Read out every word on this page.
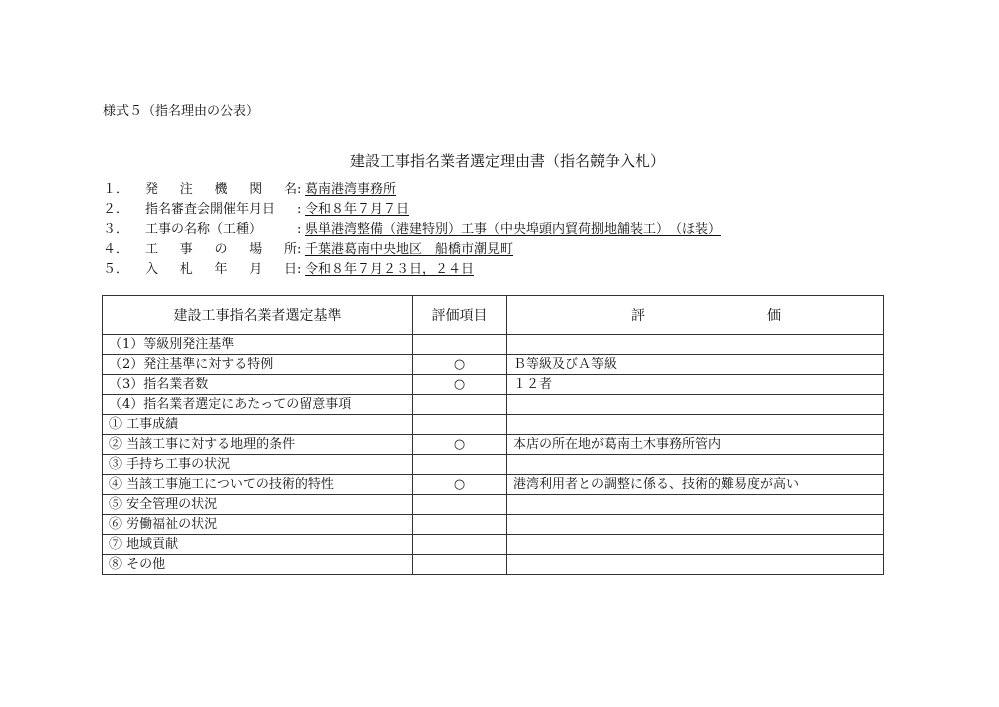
様式５（指名理由の公表）
建設工事指名業者選定理由書（指名競争入札）
１．	発 注 機 関 名 : 葛南港湾事務所
２．	指名審査会開催年月日	: 令和８年７月７日
３．	工事の名称（工種）	: 県単港湾整備（港建特別）工事（中央埠頭内貿荷捌地舗装工）　（ほ装）
４．	工 事 の 場 所 : 千葉港葛南中央地区　船橋市潮見町
５．	入 札 年 月 日 : 令和８年７月２３日，２４日
建設工事指名業者選定基準	評価項目	評 価

（1）等級別発注基準		
（2）発注基準に対する特例	○	Ｂ等級及びＡ等級
（3）指名業者数	○	１２者
（4）指名業者選定にあたっての留意事項		
① 工事成績		
② 当該工事に対する地理的条件	○	本店の所在地が葛南土木事務所管内
③ 手持ち工事の状況		
④ 当該工事施工についての技術的特性	○	港湾利用者との調整に係る、技術的難易度が高い
⑤ 安全管理の状況		
⑥ 労働福祉の状況		
⑦ 地域貢献		
⑧ その他		
